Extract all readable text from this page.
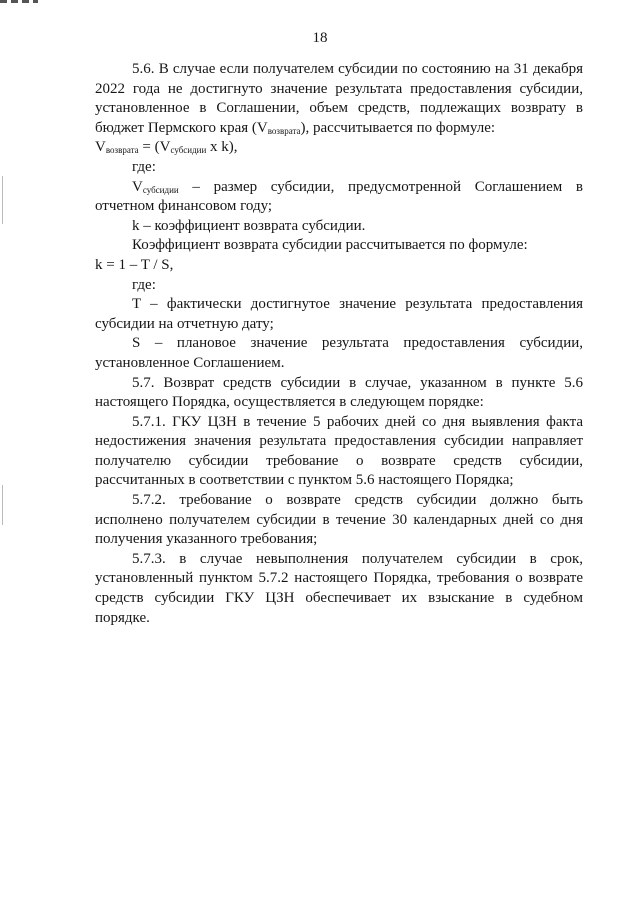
18

5.6. В случае если получателем субсидии по состоянию на 31 декабря 2022 года не достигнуто значение результата предоставления субсидии, установленное в Соглашении, объем средств, подлежащих возврату в бюджет Пермского края $(V_{возврата})$, рассчитывается по формуле:

$V_{возврата} = (V_{субсидии}$ x k),

где:

$V_{субсидии}$ – размер субсидии, предусмотренной Соглашением в отчетном финансовом году;

k – коэффициент возврата субсидии.

Коэффициент возврата субсидии рассчитывается по формуле:

k = 1 – T / S,

где:

T – фактически достигнутое значение результата предоставления субсидии на отчетную дату;

S – плановое значение результата предоставления субсидии, установленное Соглашением.

5.7. Возврат средств субсидии в случае, указанном в пункте 5.6 настоящего Порядка, осуществляется в следующем порядке:

5.7.1. ГКУ ЦЗН в течение 5 рабочих дней со дня выявления факта недостижения значения результата предоставления субсидии направляет получателю субсидии требование о возврате средств субсидии, рассчитанных в соответствии с пунктом 5.6 настоящего Порядка;

5.7.2. требование о возврате средств субсидии должно быть исполнено получателем субсидии в течение 30 календарных дней со дня получения указанного требования;

5.7.3. в случае невыполнения получателем субсидии в срок, установленный пунктом 5.7.2 настоящего Порядка, требования о возврате средств субсидии ГКУ ЦЗН обеспечивает их взыскание в судебном порядке.
